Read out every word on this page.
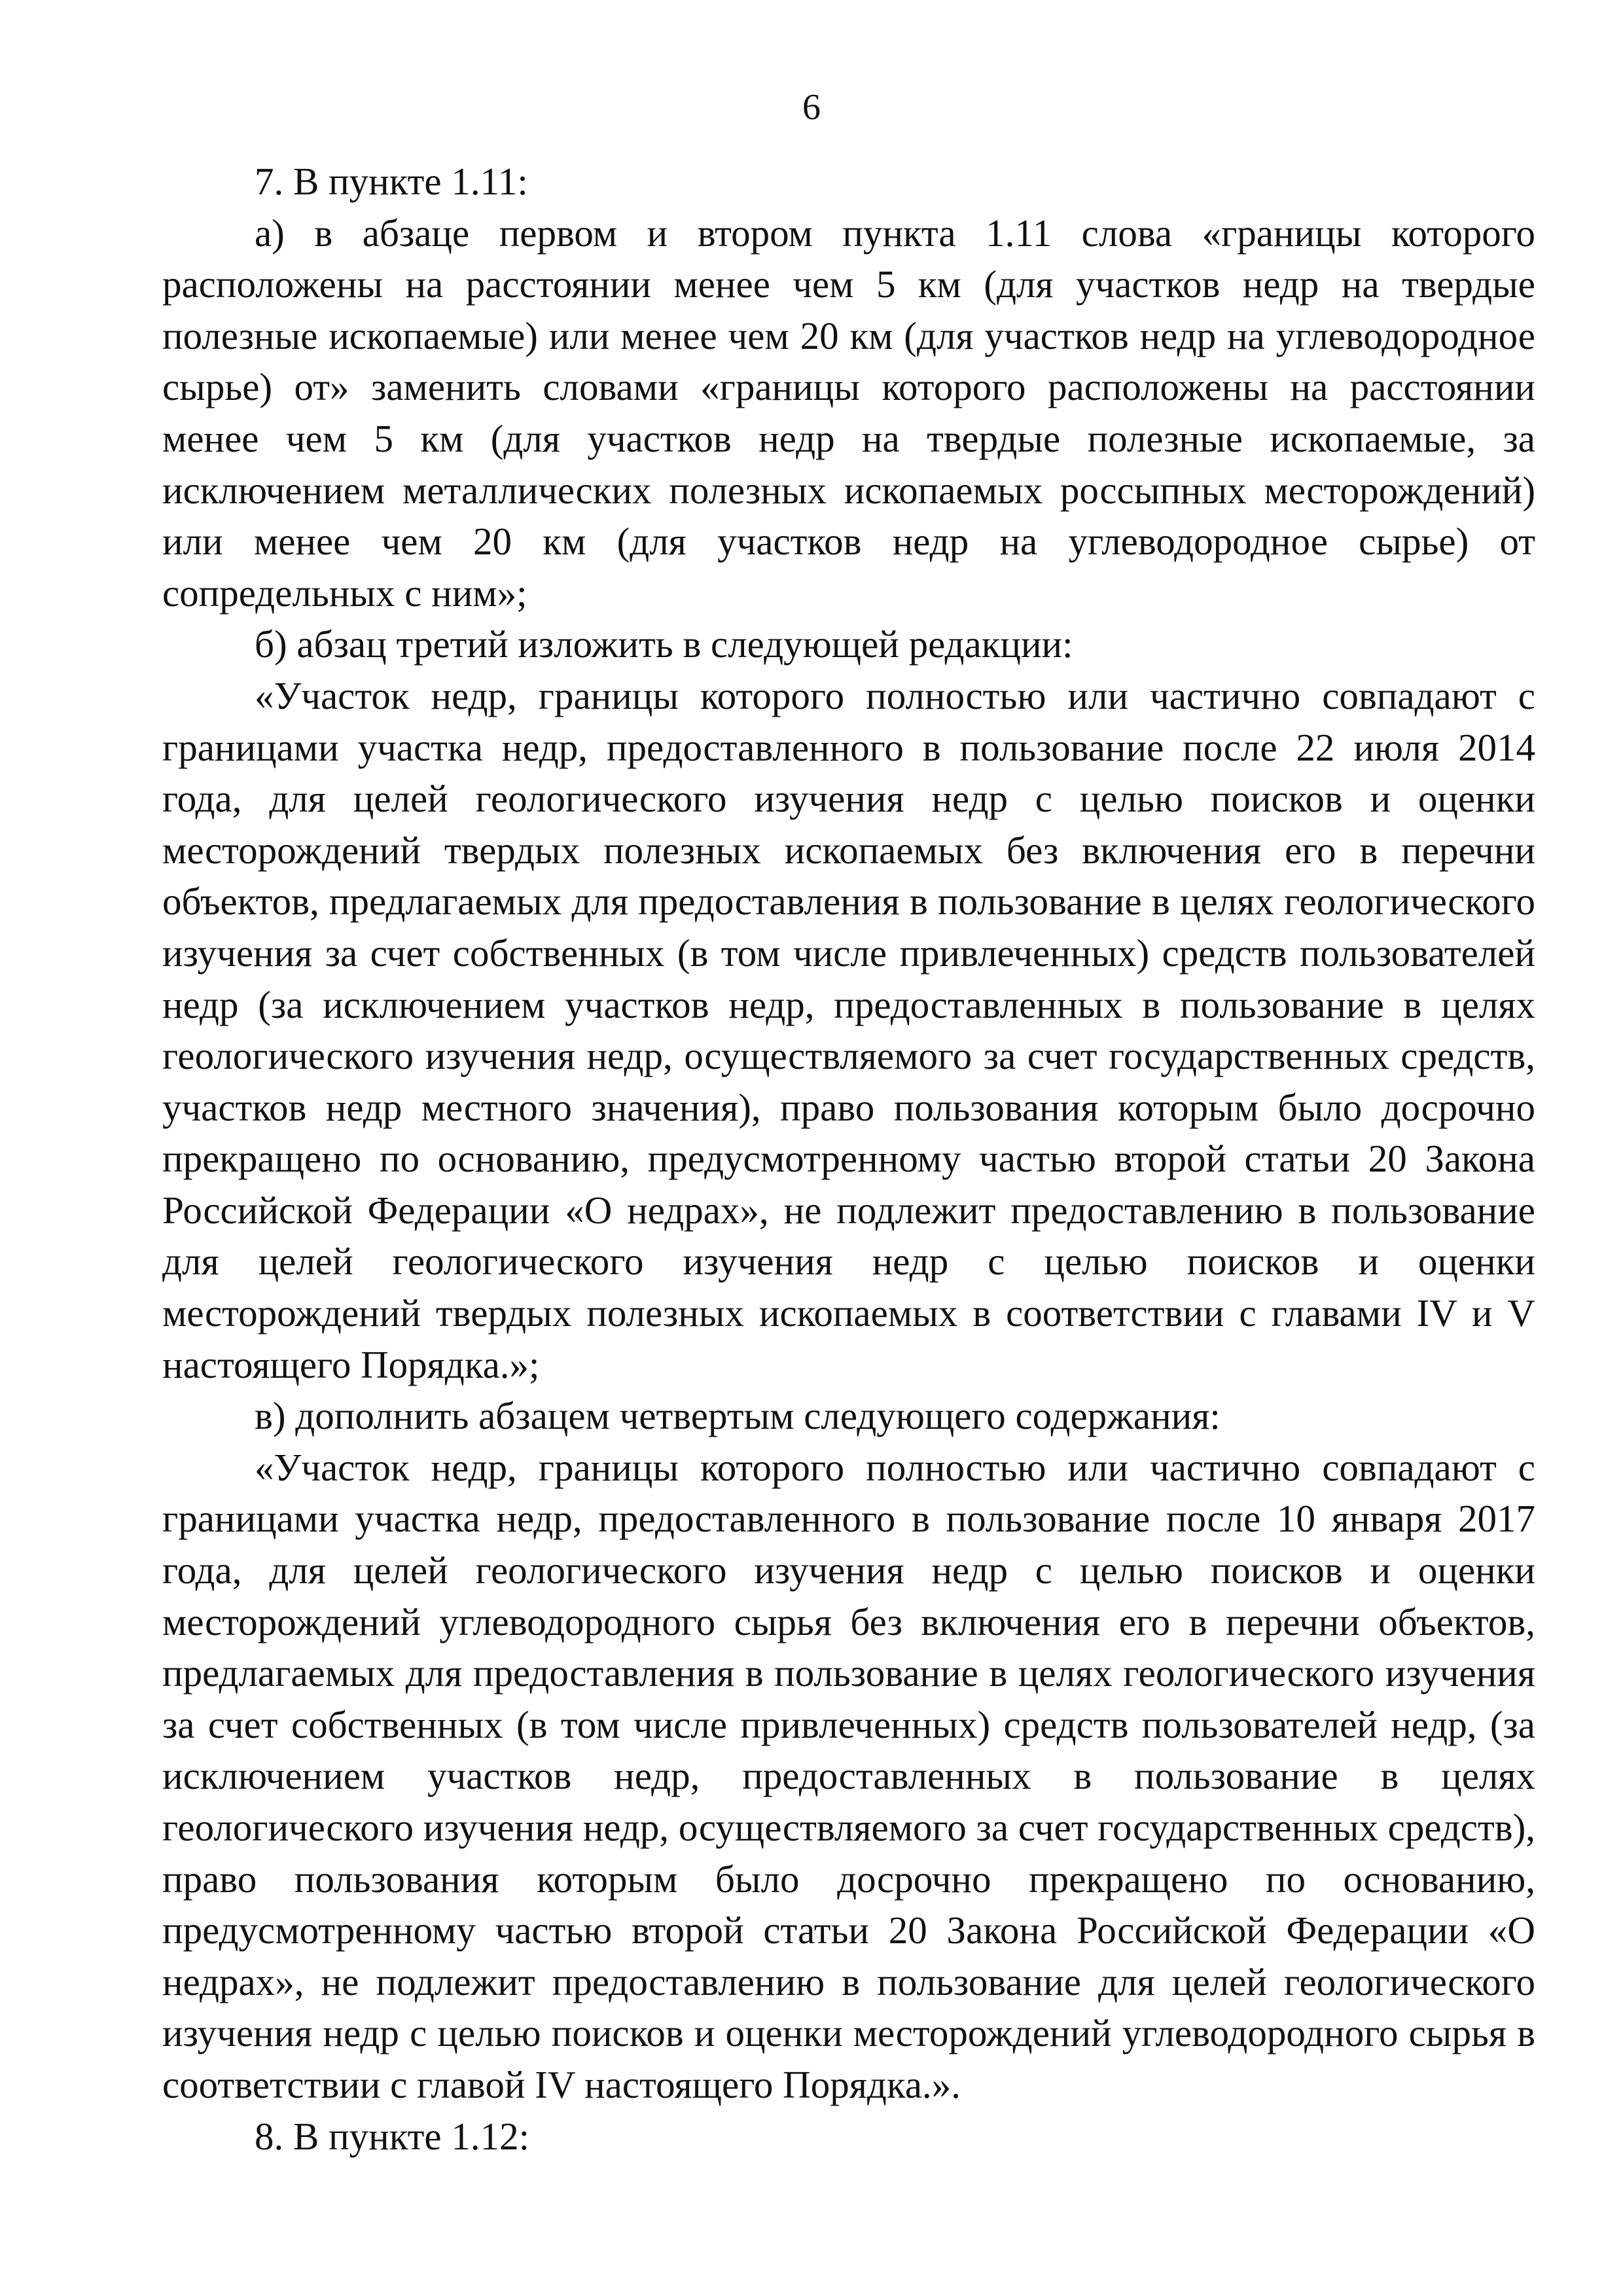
6

7. В пункте 1.11:

а) в абзаце первом и втором пункта 1.11 слова «границы которого расположены на расстоянии менее чем 5 км (для участков недр на твердые полезные ископаемые) или менее чем 20 км (для участков недр на углеводородное сырье) от» заменить словами «границы которого расположены на расстоянии менее чем 5 км (для участков недр на твердые полезные ископаемые, за исключением металлических полезных ископаемых россыпных месторождений) или менее чем 20 км (для участков недр на углеводородное сырье) от сопредельных с ним»;

б) абзац третий изложить в следующей редакции:

«Участок недр, границы которого полностью или частично совпадают с границами участка недр, предоставленного в пользование после 22 июля 2014 года, для целей геологического изучения недр с целью поисков и оценки месторождений твердых полезных ископаемых без включения его в перечни объектов, предлагаемых для предоставления в пользование в целях геологического изучения за счет собственных (в том числе привлеченных) средств пользователей недр (за исключением участков недр, предоставленных в пользование в целях геологического изучения недр, осуществляемого за счет государственных средств, участков недр местного значения), право пользования которым было досрочно прекращено по основанию, предусмотренному частью второй статьи 20 Закона Российской Федерации «О недрах», не подлежит предоставлению в пользование для целей геологического изучения недр с целью поисков и оценки месторождений твердых полезных ископаемых в соответствии с главами IV и V настоящего Порядка.»;

в) дополнить абзацем четвертым следующего содержания:

«Участок недр, границы которого полностью или частично совпадают с границами участка недр, предоставленного в пользование после 10 января 2017 года, для целей геологического изучения недр с целью поисков и оценки месторождений углеводородного сырья без включения его в перечни объектов, предлагаемых для предоставления в пользование в целях геологического изучения за счет собственных (в том числе привлеченных) средств пользователей недр, (за исключением участков недр, предоставленных в пользование в целях геологического изучения недр, осуществляемого за счет государственных средств), право пользования которым было досрочно прекращено по основанию, предусмотренному частью второй статьи 20 Закона Российской Федерации «О недрах», не подлежит предоставлению в пользование для целей геологического изучения недр с целью поисков и оценки месторождений углеводородного сырья в соответствии с главой IV настоящего Порядка.».

8. В пункте 1.12:
